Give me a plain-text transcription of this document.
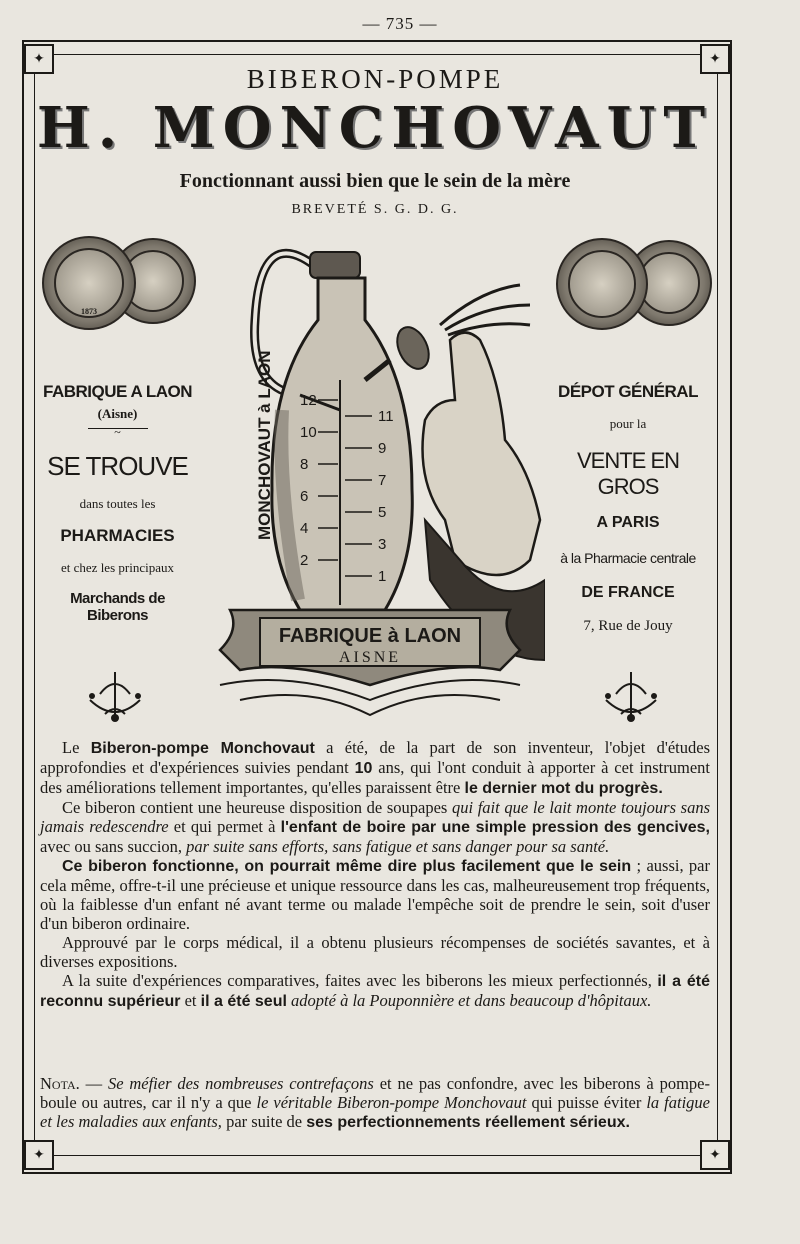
— 735 —
✦	✦
✦	✦
BIBERON-POMPE
H. MONCHOVAUT
Fonctionnant aussi bien que le sein de la mère
BREVETÉ S. G. D. G.
1873
FABRIQUE A LAON
(Aisne)
~
SE TROUVE
dans toutes les
PHARMACIES
et chez les principaux
Marchands de Biberons
DÉPOT GÉNÉRAL
pour la
VENTE EN GROS
A PARIS
à la Pharmacie centrale
DE FRANCE
7, Rue de Jouy
MONCHOVAUT à LAON 12
11
10
9
8
7
6
5
4
3
2
1
FABRIQUE à LAON
AISNE

Le Biberon-pompe Monchovaut a été, de la part de son inventeur, l'objet d'études approfondies et d'expériences suivies pendant 10 ans, qui l'ont conduit à apporter à cet instrument des améliorations tellement importantes, qu'elles paraissent être le dernier mot du progrès.

Ce biberon contient une heureuse disposition de soupapes qui fait que le lait monte toujours sans jamais redescendre et qui permet à l'enfant de boire par une simple pression des gencives, avec ou sans succion, par suite sans efforts, sans fatigue et sans danger pour sa santé.

Ce biberon fonctionne, on pourrait même dire plus facilement que le sein ; aussi, par cela même, offre-t-il une précieuse et unique ressource dans les cas, malheureusement trop fréquents, où la faiblesse d'un enfant né avant terme ou malade l'empêche soit de prendre le sein, soit d'user d'un biberon ordinaire.

Approuvé par le corps médical, il a obtenu plusieurs récompenses de sociétés savantes, et à diverses expositions.

A la suite d'expériences comparatives, faites avec les biberons les mieux perfectionnés, il a été reconnu supérieur et il a été seul adopté à la Pouponnière et dans beaucoup d'hôpitaux.

Nota. — Se méfier des nombreuses contrefaçons et ne pas confondre, avec les biberons à pompe-boule ou autres, car il n'y a que le véritable Biberon-pompe Monchovaut qui puisse éviter la fatigue et les maladies aux enfants, par suite de ses perfectionnements réellement sérieux.
